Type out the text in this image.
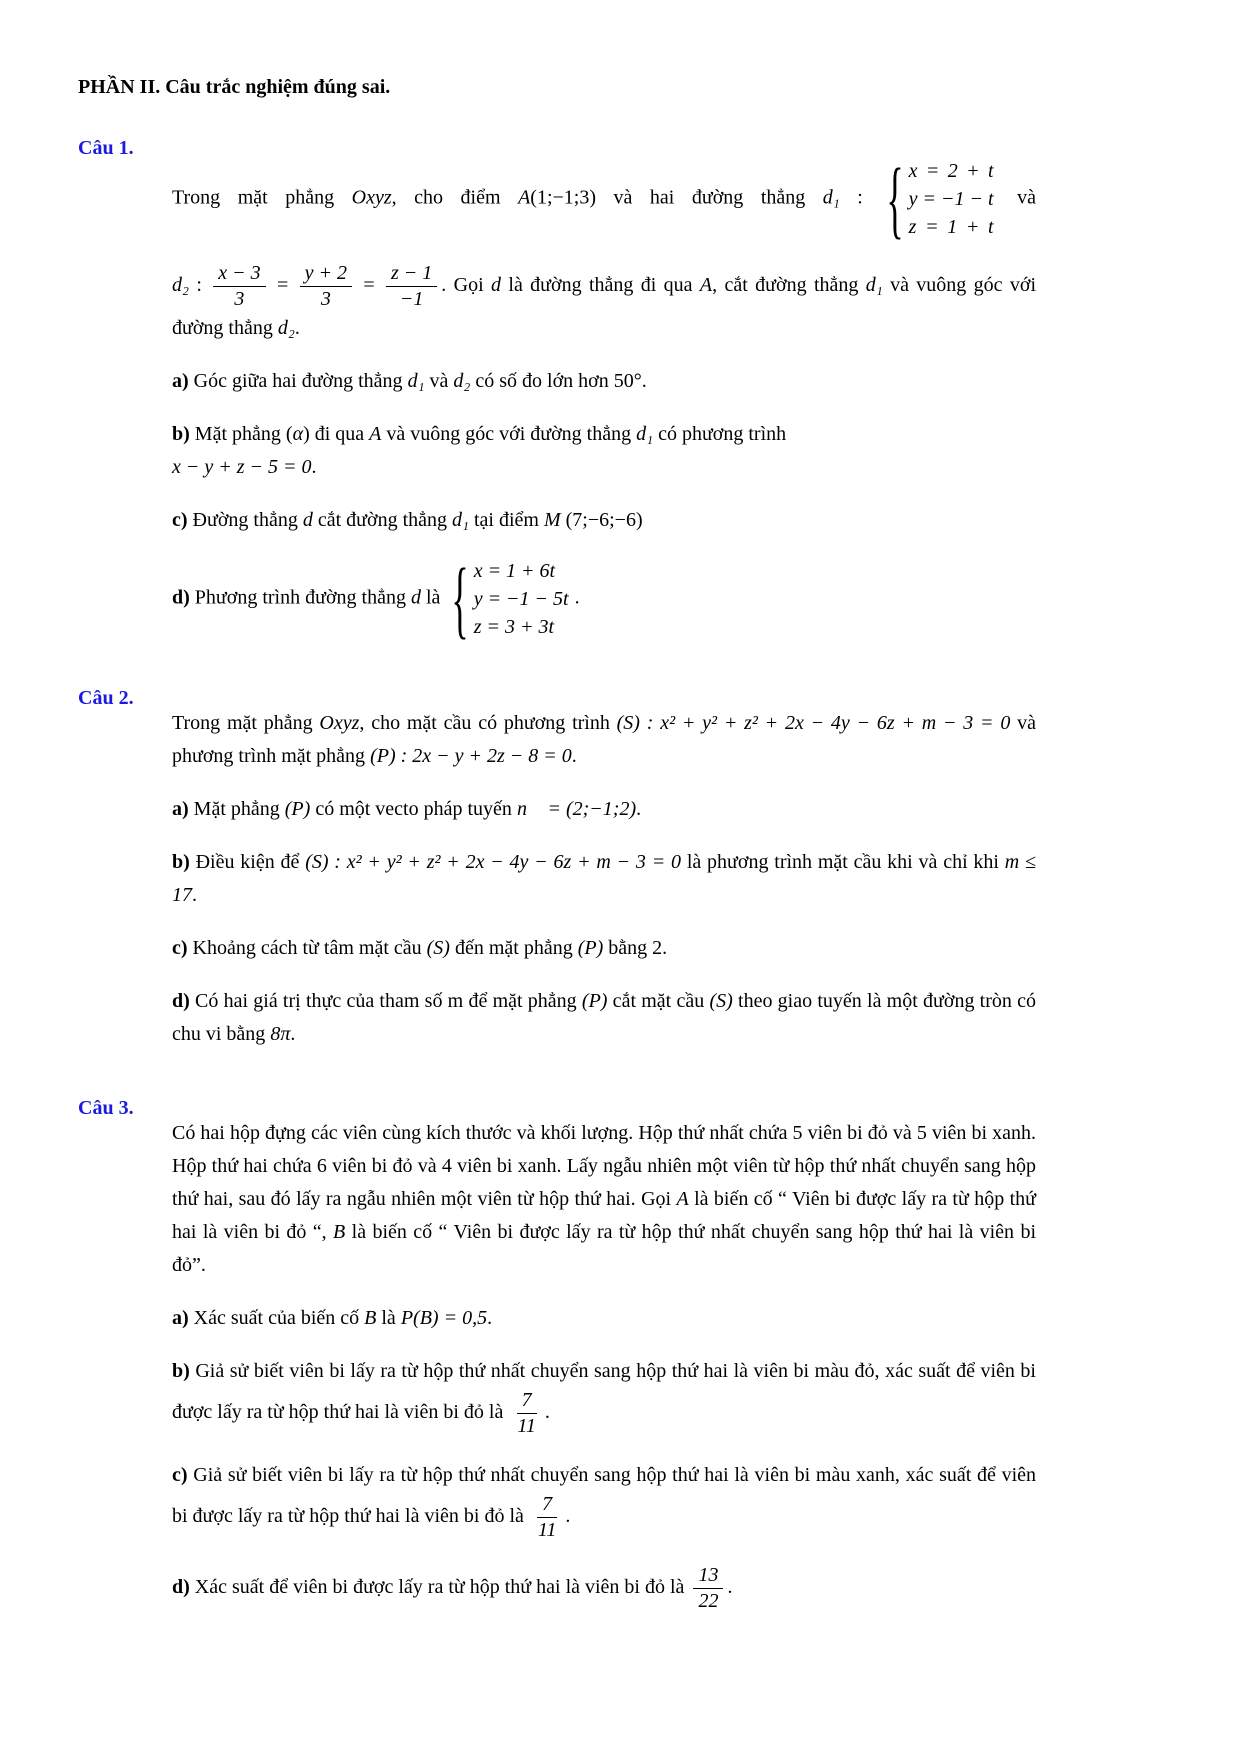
PHẦN II. Câu trắc nghiệm đúng sai.
Câu 1.

Trong mặt phẳng Oxyz, cho điểm A(1;−1;3) và hai đường thẳng d₁ : { x = 2 + t
y = −1 − t
z = 1 + t
và

d₂ : $\frac{x - 3}{3} = \frac{y + 2}{3} = \frac{z - 1}{-1}$ . Gọi d là đường thẳng đi qua A, cắt đường thẳng d₁ và vuông góc với đường thẳng d₂.

a) Góc giữa hai đường thẳng d₁ và d₂ có số đo lớn hơn 50°.

b) Mặt phẳng (α) đi qua A và vuông góc với đường thẳng d₁ có phương trình
x − y + z − 5 = 0.

c) Đường thẳng d cắt đường thẳng d₁ tại điểm M (7;−6;−6)

d) Phương trình đường thẳng d là { x = 1 + 6t
y = −1 − 5t
z = 3 + 3t
.

Câu 2.

Trong mặt phẳng Oxyz, cho mặt cầu có phương trình (S) : x² + y² + z² + 2x − 4y − 6z + m − 3 = 0 và phương trình mặt phẳng (P) : 2x − y + 2z − 8 = 0.

a) Mặt phẳng (P) có một vecto pháp tuyến n⃗ = (2;−1;2).

b) Điều kiện để (S) : x² + y² + z² + 2x − 4y − 6z + m − 3 = 0 là phương trình mặt cầu khi và chỉ khi m ≤ 17.

c) Khoảng cách từ tâm mặt cầu (S) đến mặt phẳng (P) bằng 2.

d) Có hai giá trị thực của tham số m để mặt phẳng (P) cắt mặt cầu (S) theo giao tuyến là một đường tròn có chu vi bằng 8π.

Câu 3.

Có hai hộp đựng các viên cùng kích thước và khối lượng. Hộp thứ nhất chứa 5 viên bi đỏ và 5 viên bi xanh. Hộp thứ hai chứa 6 viên bi đỏ và 4 viên bi xanh. Lấy ngẫu nhiên một viên từ hộp thứ nhất chuyển sang hộp thứ hai, sau đó lấy ra ngẫu nhiên một viên từ hộp thứ hai. Gọi A là biến cố “ Viên bi được lấy ra từ hộp thứ hai là viên bi đỏ “, B là biến cố “ Viên bi được lấy ra từ hộp thứ nhất chuyển sang hộp thứ hai là viên bi đỏ”.

a) Xác suất của biến cố B là P(B) = 0,5.

b) Giả sử biết viên bi lấy ra từ hộp thứ nhất chuyển sang hộp thứ hai là viên bi màu đỏ, xác suất để viên bi được lấy ra từ hộp thứ hai là viên bi đỏ là $\frac{7}{11}$ .

c) Giả sử biết viên bi lấy ra từ hộp thứ nhất chuyển sang hộp thứ hai là viên bi màu xanh, xác suất để viên bi được lấy ra từ hộp thứ hai là viên bi đỏ là $\frac{7}{11}$ .

d) Xác suất để viên bi được lấy ra từ hộp thứ hai là viên bi đỏ là $\frac{13}{22}$ .
